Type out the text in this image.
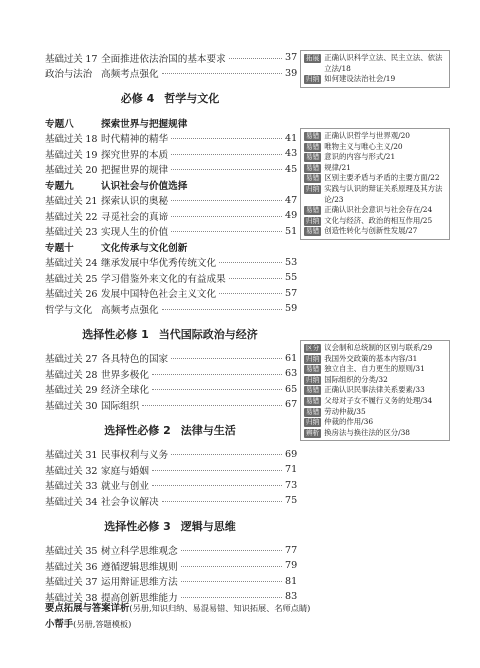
基础过关 17 全面推进依法治国的基本要求	37
政治与法治 高频考点强化	39
必修 4 哲学与文化
专题八	探索世界与把握规律
基础过关 18 时代精神的精华	41
基础过关 19 探究世界的本质	43
基础过关 20 把握世界的规律	45
专题九	认识社会与价值选择
基础过关 21 探索认识的奥秘	47
基础过关 22 寻觅社会的真谛	49
基础过关 23 实现人生的价值	51
专题十	文化传承与文化创新
基础过关 24 继承发展中华优秀传统文化	53
基础过关 25 学习借鉴外来文化的有益成果	55
基础过关 26 发展中国特色社会主义文化	57
哲学与文化 高频考点强化	59
选择性必修 1 当代国际政治与经济
基础过关 27 各具特色的国家	61
基础过关 28 世界多极化	63
基础过关 29 经济全球化	65
基础过关 30 国际组织	67
选择性必修 2 法律与生活
基础过关 31 民事权利与义务	69
基础过关 32 家庭与婚姻	71
基础过关 33 就业与创业	73
基础过关 34 社会争议解决	75
选择性必修 3 逻辑与思维
基础过关 35 树立科学思维观念	77
基础过关 36 遵循逻辑思维规则	79
基础过关 37 运用辩证思维方法	81
基础过关 38 提高创新思维能力	83
拓展 正确认识科学立法、民主立法、依法立法/18
归纳 如何建设法治社会/19
易错 正确认识哲学与世界观/20
易错 唯物主义与唯心主义/20
易错 意识的内容与形式/21
易错 规律/21
易错 区别主要矛盾与矛盾的主要方面/22
归纳 实践与认识的辩证关系原理及其方法论/23
易错 正确认识社会意识与社会存在/24
归纳 文化与经济、政治的相互作用/25
易错 创造性转化与创新性发展/27
区分 议会制和总统制的区别与联系/29
归纳 我国外交政策的基本内容/31
易错 独立自主、自力更生的原则/31
归纳 国际组织的分类/32
易错 正确认识民事法律关系要素/33
易错 父母对子女不履行义务的处理/34
易错 劳动仲裁/35
归纳 仲裁的作用/36
辨析 换房法与换往法的区分/38
要点拓展与答案详析(另册,知识归纳、易混易错、知识拓展、名师点睛)
小帮手(另册,答题模板)
